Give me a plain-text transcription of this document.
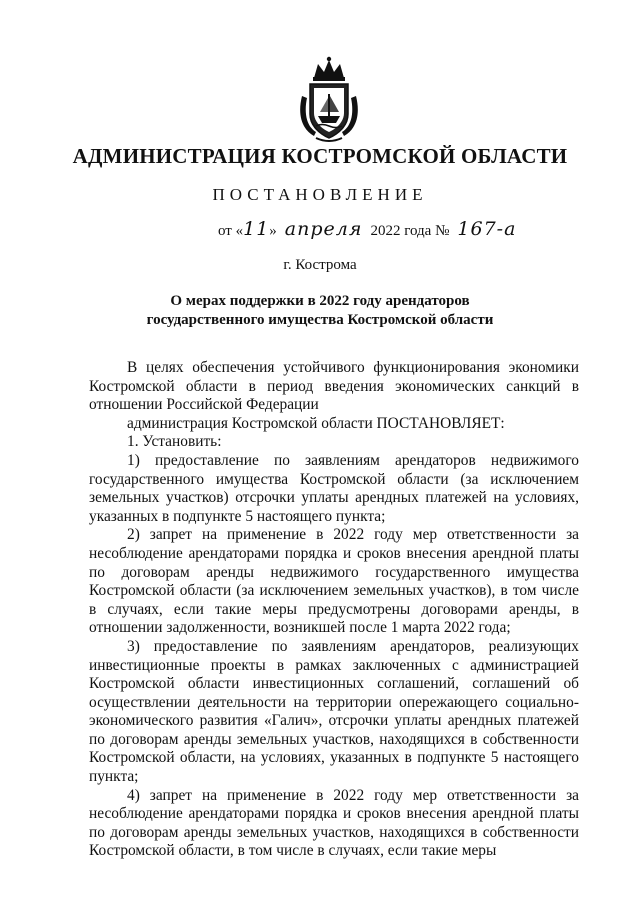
АДМИНИСТРАЦИЯ КОСТРОМСКОЙ ОБЛАСТИ
ПОСТАНОВЛЕНИЕ
от «11» апреля 2022 года № 167-а
г. Кострома
О мерах поддержки в 2022 году арендаторов
государственного имущества Костромской области

В целях обеспечения устойчивого функционирования экономики Костромской области в период введения экономических санкций в отношении Российской Федерации

администрация Костромской области ПОСТАНОВЛЯЕТ:

1. Установить:

1) предоставление по заявлениям арендаторов недвижимого государственного имущества Костромской области (за исключением земельных участков) отсрочки уплаты арендных платежей на условиях, указанных в подпункте 5 настоящего пункта;

2) запрет на применение в 2022 году мер ответственности за несоблюдение арендаторами порядка и сроков внесения арендной платы по договорам аренды недвижимого государственного имущества Костромской области (за исключением земельных участков), в том числе в случаях, если такие меры предусмотрены договорами аренды, в отношении задолженности, возникшей после 1 марта 2022 года;

3) предоставление по заявлениям арендаторов, реализующих инвестиционные проекты в рамках заключенных с администрацией Костромской области инвестиционных соглашений, соглашений об осуществлении деятельности на территории опережающего социально-экономического развития «Галич», отсрочки уплаты арендных платежей по договорам аренды земельных участков, находящихся в собственности Костромской области, на условиях, указанных в подпункте 5 настоящего пункта;

4) запрет на применение в 2022 году мер ответственности за несоблюдение арендаторами порядка и сроков внесения арендной платы по договорам аренды земельных участков, находящихся в собственности Костромской области, в том числе в случаях, если такие меры
